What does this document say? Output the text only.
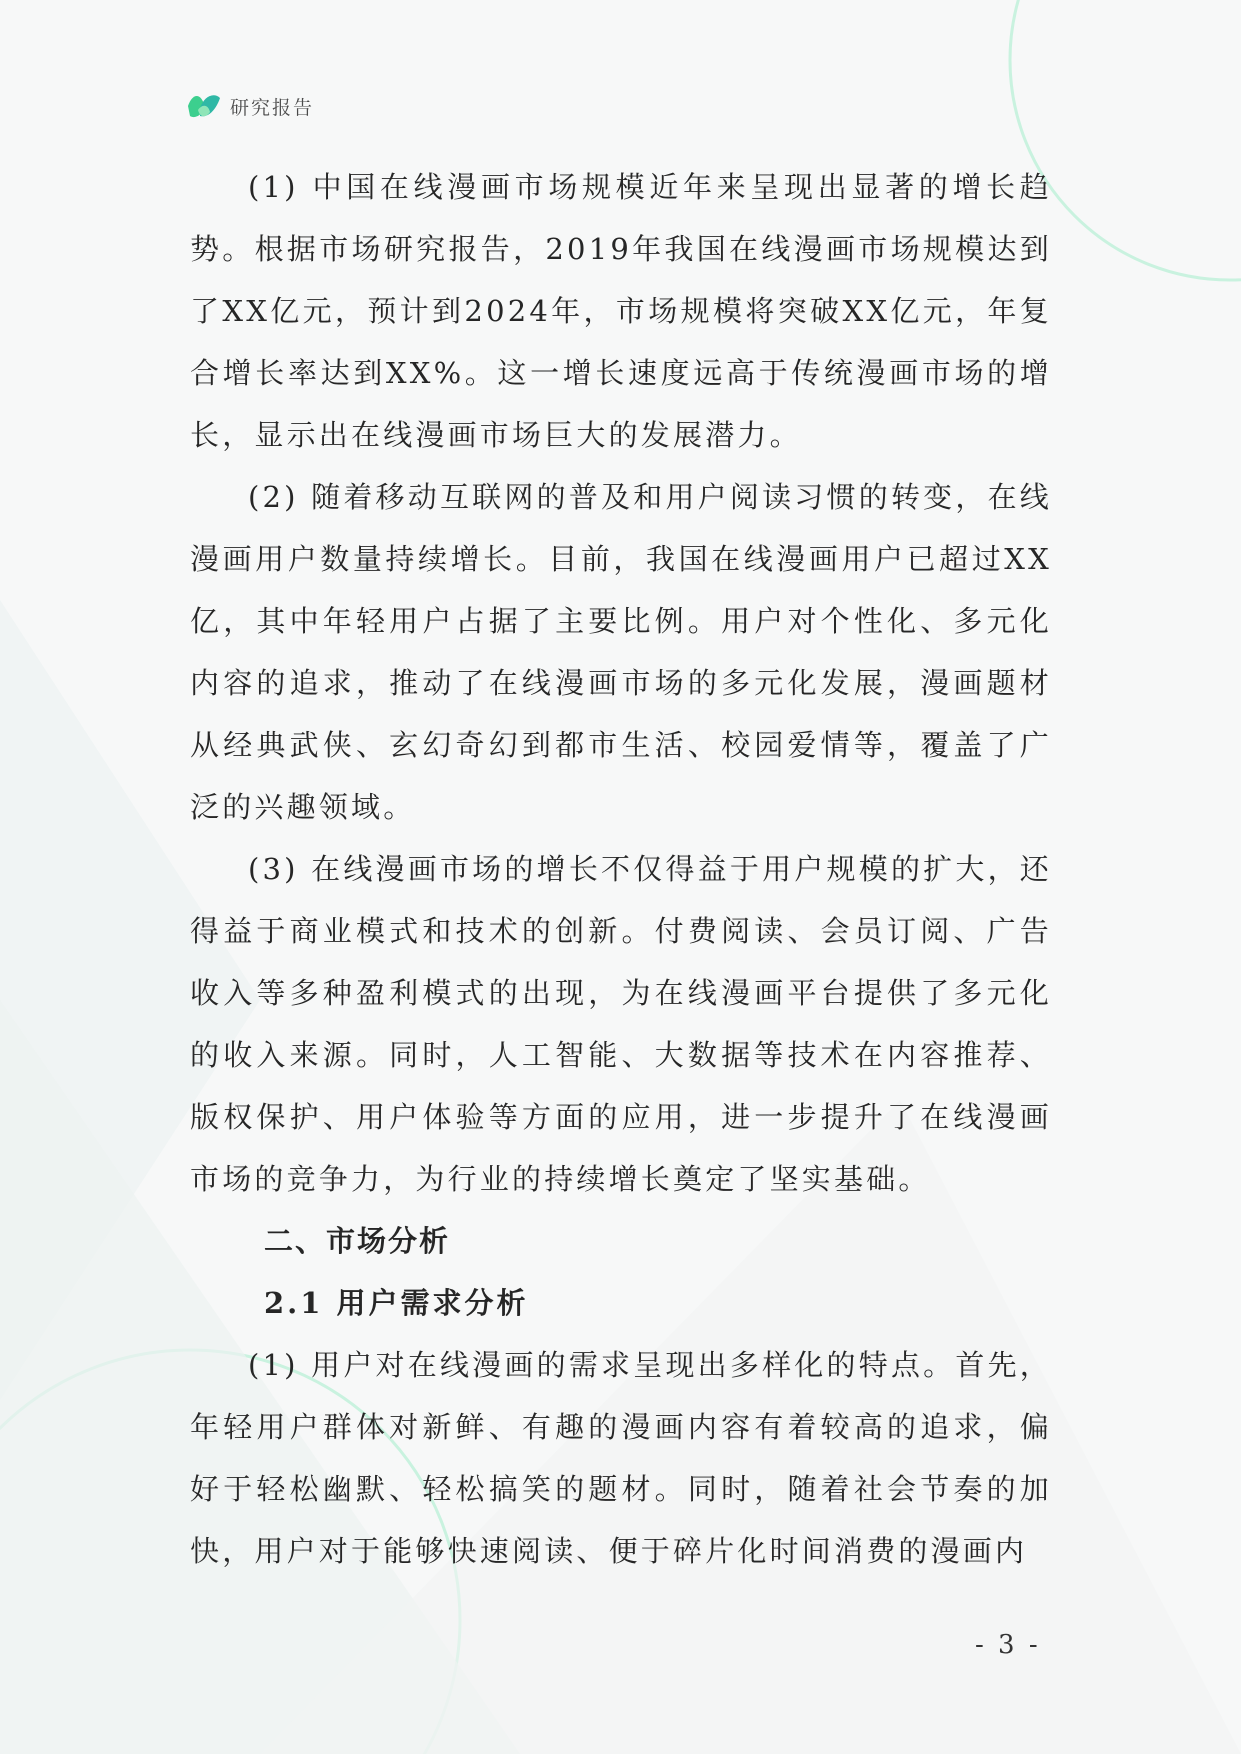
研究报告

(1) 中国在线漫画市场规模近年来呈现出显著的增长趋势。根据市场研究报告，2019年我国在线漫画市场规模达到了XX亿元，预计到2024年，市场规模将突破XX亿元，年复合增长率达到XX%。这一增长速度远高于传统漫画市场的增长，显示出在线漫画市场巨大的发展潜力。

(2) 随着移动互联网的普及和用户阅读习惯的转变，在线漫画用户数量持续增长。目前，我国在线漫画用户已超过XX亿，其中年轻用户占据了主要比例。用户对个性化、多元化内容的追求，推动了在线漫画市场的多元化发展，漫画题材从经典武侠、玄幻奇幻到都市生活、校园爱情等，覆盖了广泛的兴趣领域。

(3) 在线漫画市场的增长不仅得益于用户规模的扩大，还得益于商业模式和技术的创新。付费阅读、会员订阅、广告收入等多种盈利模式的出现，为在线漫画平台提供了多元化的收入来源。同时，人工智能、大数据等技术在内容推荐、版权保护、用户体验等方面的应用，进一步提升了在线漫画市场的竞争力，为行业的持续增长奠定了坚实基础。

二、市场分析
2.1 用户需求分析

(1) 用户对在线漫画的需求呈现出多样化的特点。首先，年轻用户群体对新鲜、有趣的漫画内容有着较高的追求，偏好于轻松幽默、轻松搞笑的题材。同时，随着社会节奏的加快，用户对于能够快速阅读、便于碎片化时间消费的漫画内

- 3 -
